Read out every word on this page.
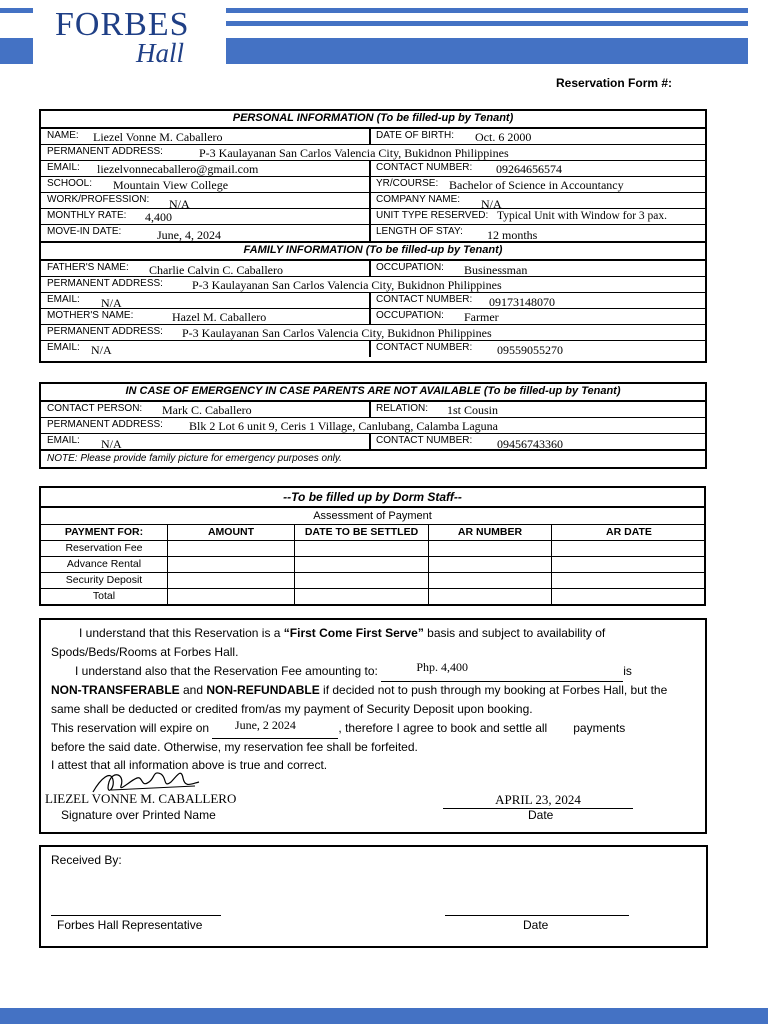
FORBES
Hall
Reservation Form #:
PERSONAL INFORMATION (To be filled-up by Tenant)
NAME: Liezel Vonne M. Caballero	DATE OF BIRTH: Oct. 6 2000
PERMANENT ADDRESS:	P-3 Kaulayanan San Carlos Valencia City, Bukidnon Philippines
EMAIL: liezelvonnecaballero@gmail.com	CONTACT NUMBER: 09264656574
SCHOOL: Mountain View College	YR/COURSE: Bachelor of Science in Accountancy
WORK/PROFESSION: N/A	COMPANY NAME: N/A
MONTHLY RATE: 4,400	UNIT TYPE RESERVED: Typical Unit with Window for 3 pax.
MOVE-IN DATE:	June, 4, 2024	LENGTH OF STAY: 12 months
FAMILY INFORMATION (To be filled-up by Tenant)
FATHER'S NAME: Charlie Calvin C. Caballero	OCCUPATION: Businessman
PERMANENT ADDRESS: P-3 Kaulayanan San Carlos Valencia City, Bukidnon Philippines
EMAIL: N/A	CONTACT NUMBER: 09173148070
MOTHER'S NAME:	Hazel M. Caballero	OCCUPATION: Farmer
PERMANENT ADDRESS: P-3 Kaulayanan San Carlos Valencia City, Bukidnon Philippines
EMAIL: N/A	CONTACT NUMBER: 09559055270
IN CASE OF EMERGENCY IN CASE PARENTS ARE NOT AVAILABLE (To be filled-up by Tenant)
CONTACT PERSON: Mark C. Caballero	RELATION: 1st Cousin
PERMANENT ADDRESS: Blk 2 Lot 6 unit 9, Ceris 1 Village, Canlubang, Calamba Laguna
EMAIL: N/A	CONTACT NUMBER: 09456743360
NOTE: Please provide family picture for emergency purposes only.
--To be filled up by Dorm Staff--
Assessment of Payment
PAYMENT FOR:	AMOUNT	DATE TO BE SETTLED	AR NUMBER	AR DATE
Reservation Fee
Advance Rental
Security Deposit
Total
I understand that this Reservation is a “First Come First Serve” basis and subject to availability of
Spods/Beds/Rooms at Forbes Hall.
I understand also that the Reservation Fee amounting to:	Php. 4,400	is
NON-TRANSFERABLE and NON-REFUNDABLE if decided not to push through my booking at Forbes Hall, but the
same shall be deducted or credited from/as my payment of Security Deposit upon booking.
This reservation will expire on June, 2 2024	, therefore I agree to book and settle all payments
before the said date. Otherwise, my reservation fee shall be forfeited.
I attest that all information above is true and correct.
LIEZEL VONNE M. CABALLERO
Signature over Printed Name
APRIL 23, 2024
Date
Received By:
Forbes Hall Representative	Date
